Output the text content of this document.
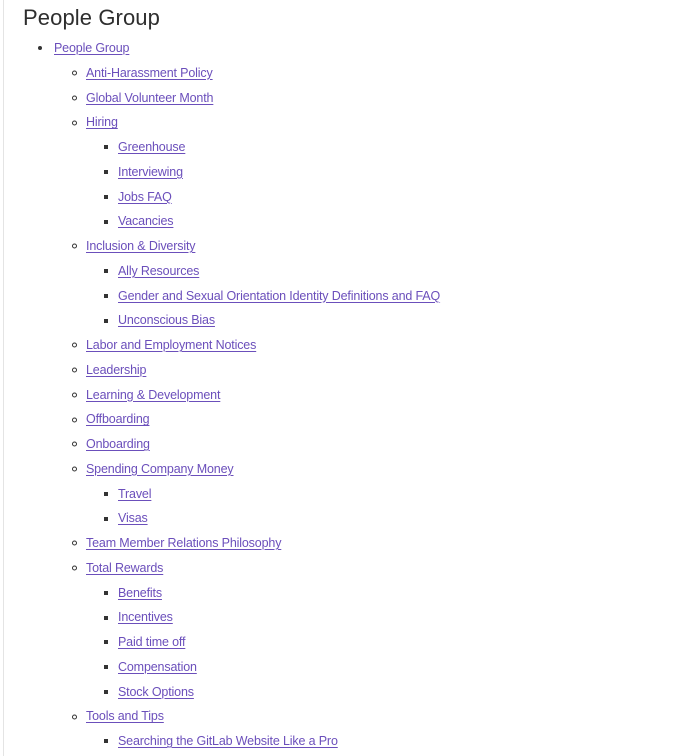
People Group
People Group
Anti-Harassment Policy
Global Volunteer Month
Hiring
Greenhouse
Interviewing
Jobs FAQ
Vacancies
Inclusion & Diversity
Ally Resources
Gender and Sexual Orientation Identity Definitions and FAQ
Unconscious Bias
Labor and Employment Notices
Leadership
Learning & Development
Offboarding
Onboarding
Spending Company Money
Travel
Visas
Team Member Relations Philosophy
Total Rewards
Benefits
Incentives
Paid time off
Compensation
Stock Options
Tools and Tips
Searching the GitLab Website Like a Pro
